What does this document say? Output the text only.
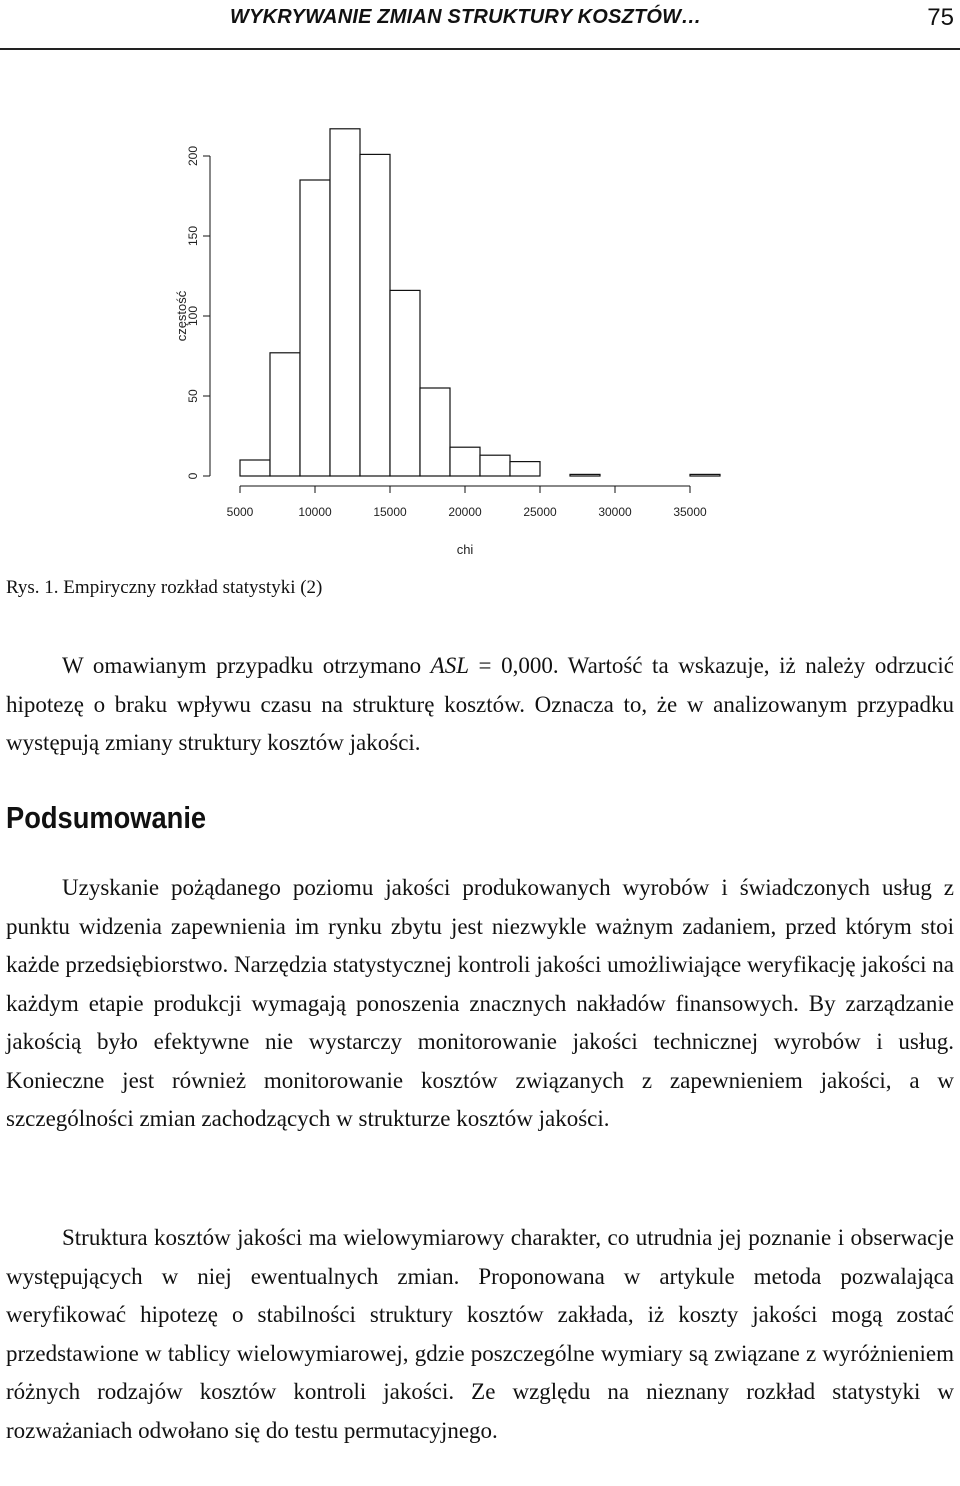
WYKRYWANIE ZMIAN STRUKTURY KOSZTÓW…	75
5000	10000	15000	20000	25000	30000	35000
chi
0
50
100
150
200
częstość
Rys. 1. Empiryczny rozkład statystyki (2)

W omawianym przypadku otrzymano ASL = 0,000. Wartość ta wskazuje, iż należy odrzucić hipotezę o braku wpływu czasu na strukturę kosztów. Oznacza to, że w analizowanym przypadku występują zmiany struktury kosztów jakości.

Podsumowanie

Uzyskanie pożądanego poziomu jakości produkowanych wyrobów i świadczonych usług z punktu widzenia zapewnienia im rynku zbytu jest niezwykle ważnym zadaniem, przed którym stoi każde przedsiębiorstwo. Narzędzia statystycznej kontroli jakości umożliwiające weryfikację jakości na każdym etapie produkcji wymagają ponoszenia znacznych nakładów finansowych. By zarządzanie jakością było efektywne nie wystarczy monitorowanie jakości technicznej wyrobów i usług. Konieczne jest również monitorowanie kosztów związanych z zapewnieniem jakości, a w szczególności zmian zachodzących w strukturze kosztów jakości.

Struktura kosztów jakości ma wielowymiarowy charakter, co utrudnia jej poznanie i obserwacje występujących w niej ewentualnych zmian. Proponowana w artykule metoda pozwalająca weryfikować hipotezę o stabilności struktury kosztów zakłada, iż koszty jakości mogą zostać przedstawione w tablicy wielowymiarowej, gdzie poszczególne wymiary są związane z wyróżnieniem różnych rodzajów kosztów kontroli jakości. Ze względu na nieznany rozkład statystyki w rozważaniach odwołano się do testu permutacyjnego.
